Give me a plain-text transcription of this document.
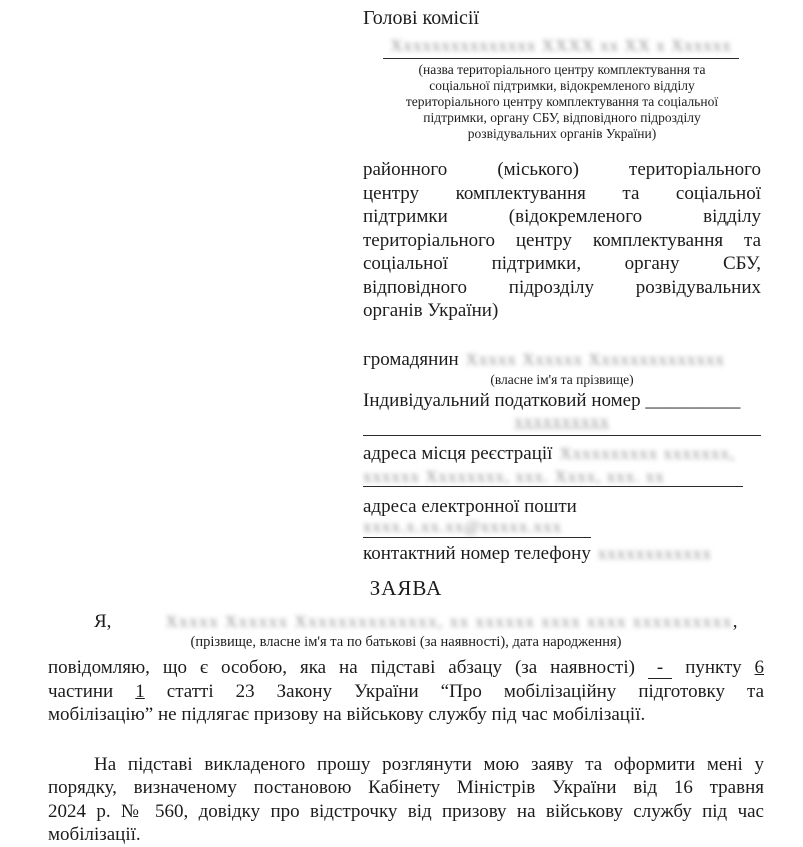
Голові комісії
Xxxxxxxxxxxxxxx XXXX xx XX x Xxxxxx
(назва територіального центру комплектування та
соціальної підтримки, відокремленого відділу
територіального центру комплектування та соціальної
підтримки, органу СБУ, відповідного підрозділу
розвідувальних органів України)
районного (міського) територіального
центру комплектування та соціальної
підтримки (відокремленого відділу
територіального центру комплектування та
соціальної підтримки, органу СБУ,
відповідного підрозділу розвідувальних
органів України)
громадянин Xxxxx Xxxxxx Xxxxxxxxxxxxxx
(власне ім'я та прізвище)
Індивідуальний податковий номер __________
xxxxxxxxxx
адреса місця реєстрації Xxxxxxxxxx xxxxxxx,
xxxxxx Xxxxxxxx, xxx. Xxxx, xxx. xx
адреса електронної пошти
xxxx.x.xx.xx@xxxxx.xxx
контактний номер телефону xxxxxxxxxxxx
ЗАЯВА
Я,	Xxxxx Xxxxxx Xxxxxxxxxxxxxx, xx xxxxxx xxxx xxxx xxxxxxxxxx,
(прізвище, власне ім'я та по батькові (за наявності), дата народження)
повідомляю, що є особою, яка на підставі абзацу (за наявності) - пункту 6
частини 1 статті 23 Закону України “Про мобілізаційну підготовку та
мобілізацію” не підлягає призову на військову службу під час мобілізації.
На підставі викладеного прошу розглянути мою заяву та оформити мені у
порядку, визначеному постановою Кабінету Міністрів України від 16 травня
2024 р. № 560, довідку про відстрочку від призову на військову службу під час
мобілізації.
